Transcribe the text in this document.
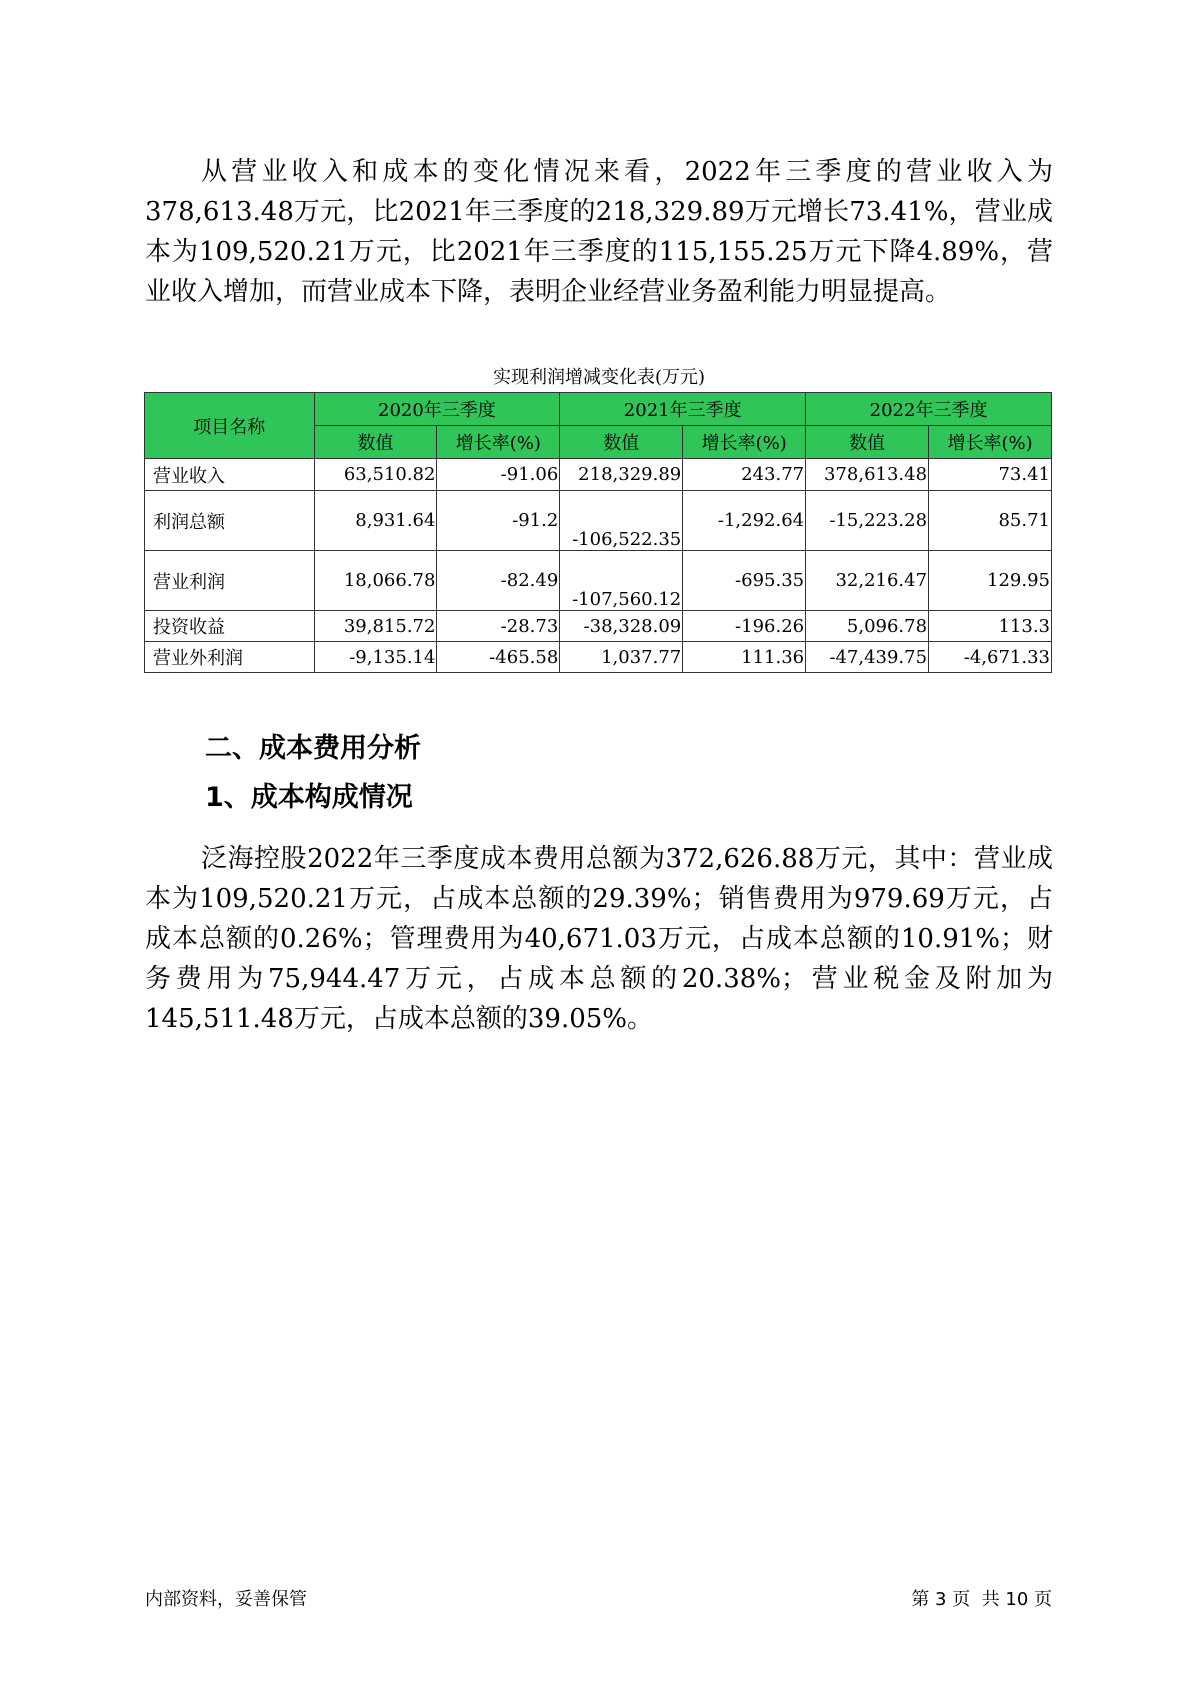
从营业收入和成本的变化情况来看，2022年三季度的营业收入为378,613.48万元，比2021年三季度的218,329.89万元增长73.41%，营业成本为109,520.21万元，比2021年三季度的115,155.25万元下降4.89%，营业收入增加，而营业成本下降，表明企业经营业务盈利能力明显提高。

实现利润增减变化表(万元)
项目名称	2020年三季度		2021年三季度		2022年三季度	
	数值	增长率(%)	数值	增长率(%)	数值	增长率(%)
营业收入	63,510.82	-91.06	218,329.89	243.77	378,613.48	73.41
利润总额	8,931.64	-91.2	-106,522.35	-1,292.64	-15,223.28	85.71
营业利润	18,066.78	-82.49	-107,560.12	-695.35	32,216.47	129.95
投资收益	39,815.72	-28.73	-38,328.09	-196.26	5,096.78	113.3
营业外利润	-9,135.14	-465.58	1,037.77	111.36	-47,439.75	-4,671.33
二、成本费用分析
1、成本构成情况

泛海控股2022年三季度成本费用总额为372,626.88万元，其中：营业成本为109,520.21万元，占成本总额的29.39%；销售费用为979.69万元，占成本总额的0.26%；管理费用为40,671.03万元，占成本总额的10.91%；财务费用为75,944.47万元，占成本总额的20.38%；营业税金及附加为145,511.48万元，占成本总额的39.05%。

内部资料，妥善保管	第 3 页  共 10 页
